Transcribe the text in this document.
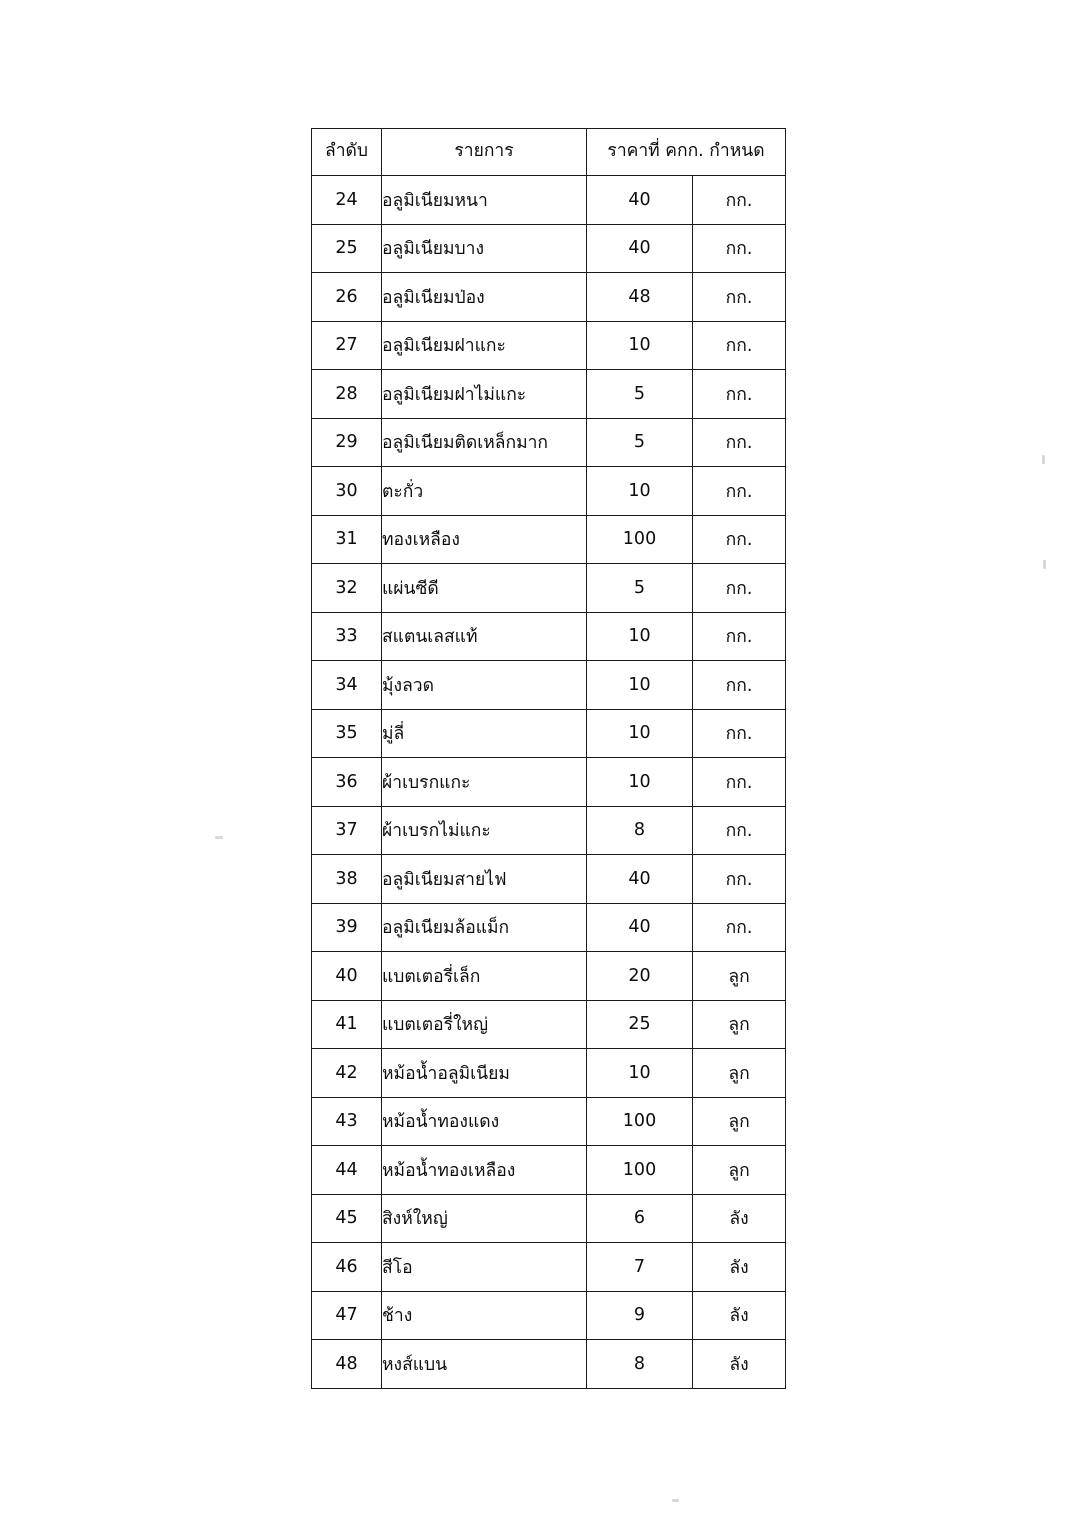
ลำดับ	รายการ	ราคาที่ คกก. กำหนด	
24	อลูมิเนียมหนา	40	กก.
25	อลูมิเนียมบาง	40	กก.
26	อลูมิเนียมป่อง	48	กก.
27	อลูมิเนียมฝาแกะ	10	กก.
28	อลูมิเนียมฝาไม่แกะ	5	กก.
29	อลูมิเนียมติดเหล็กมาก	5	กก.
30	ตะกั่ว	10	กก.
31	ทองเหลือง	100	กก.
32	แผ่นซีดี	5	กก.
33	สแตนเลสแท้	10	กก.
34	มุ้งลวด	10	กก.
35	มู่ลี่	10	กก.
36	ผ้าเบรกแกะ	10	กก.
37	ผ้าเบรกไม่แกะ	8	กก.
38	อลูมิเนียมสายไฟ	40	กก.
39	อลูมิเนียมล้อแม็ก	40	กก.
40	แบตเตอรี่เล็ก	20	ลูก
41	แบตเตอรี่ใหญ่	25	ลูก
42	หม้อน้ำอลูมิเนียม	10	ลูก
43	หม้อน้ำทองแดง	100	ลูก
44	หม้อน้ำทองเหลือง	100	ลูก
45	สิงห์ใหญ่	6	ลัง
46	สีโอ	7	ลัง
47	ช้าง	9	ลัง
48	หงส์แบน	8	ลัง
